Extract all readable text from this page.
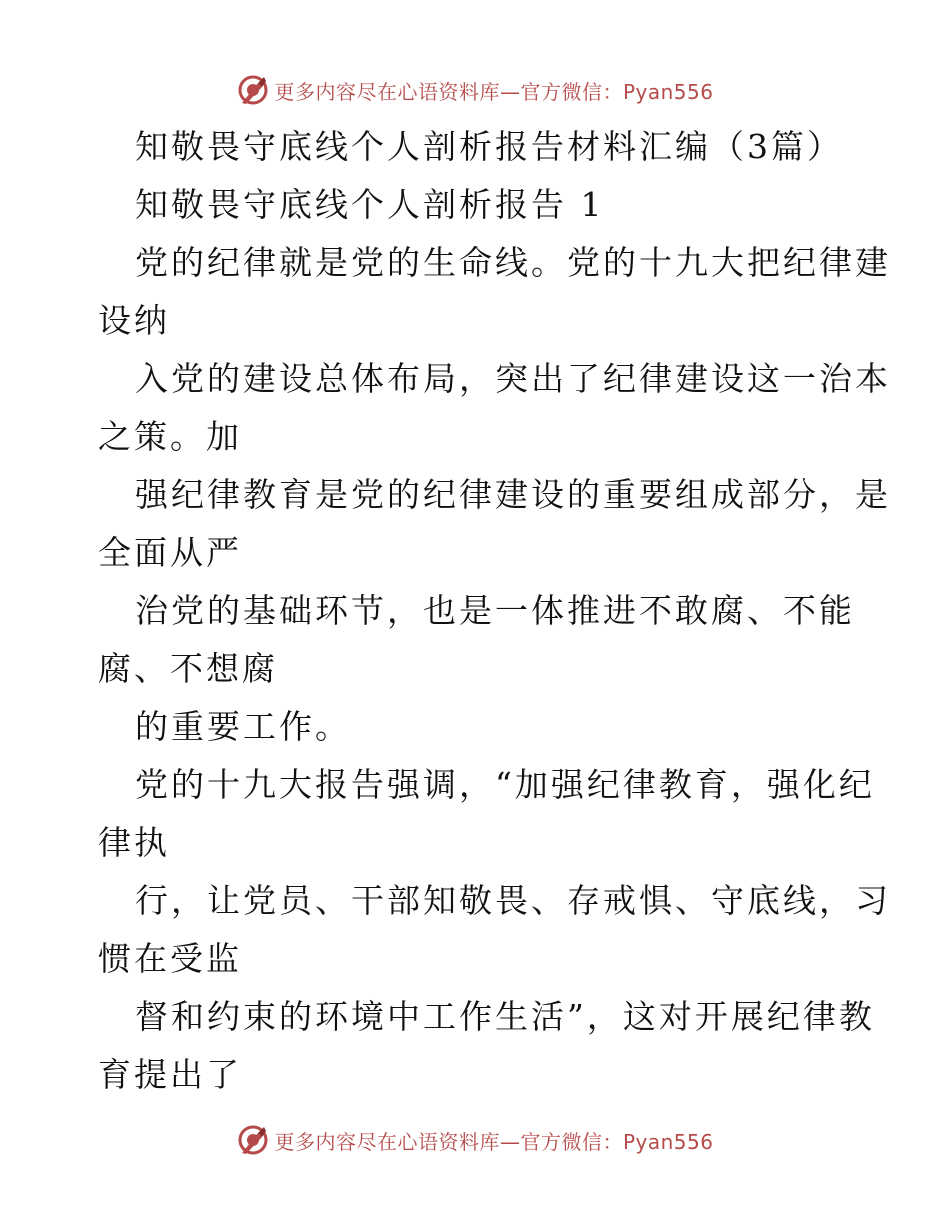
更多内容尽在心语资料库—官方微信：Pyan556
知敬畏守底线个人剖析报告材料汇编（3篇）
知敬畏守底线个人剖析报告 1
党的纪律就是党的生命线。党的十九大把纪律建
设纳
入党的建设总体布局，突出了纪律建设这一治本
之策。加
强纪律教育是党的纪律建设的重要组成部分，是
全面从严
治党的基础环节，也是一体推进不敢腐、不能
腐、不想腐
的重要工作。
党的十九大报告强调，“加强纪律教育，强化纪
律执
行，让党员、干部知敬畏、存戒惧、守底线，习
惯在受监
督和约束的环境中工作生活”，这对开展纪律教
育提出了
更多内容尽在心语资料库—官方微信：Pyan556
